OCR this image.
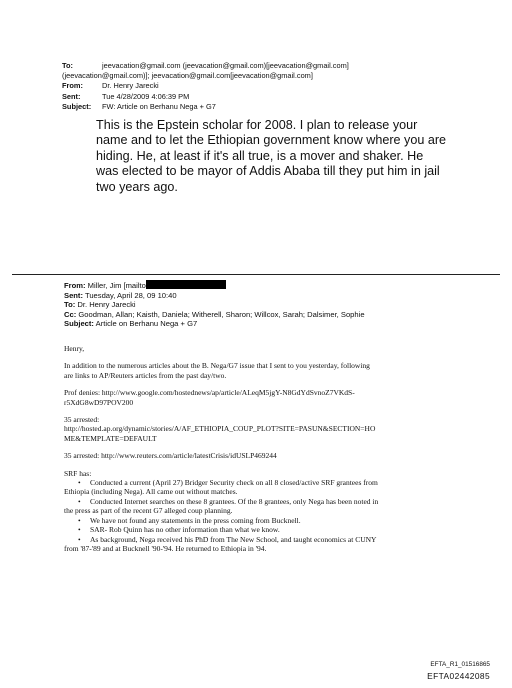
To:	jeevacation@gmail.com (jeevacation@gmail.com)[jeevacation@gmail.com]
(jeevacation@gmail.com)]; jeevacation@gmail.com[jeevacation@gmail.com]
From:	Dr. Henry Jarecki
Sent:	Tue 4/28/2009 4:06:39 PM
Subject:	FW: Article on Berhanu Nega + G7
This is the Epstein scholar for 2008. I plan to release your
name and to let the Ethiopian government know where you are
hiding. He, at least if it's all true, is a mover and shaker. He
was elected to be mayor of Addis Ababa till they put him in jail
two years ago.
From: Miller, Jim [mailto
Sent: Tuesday, April 28, 09 10:40
To: Dr. Henry Jarecki
Cc: Goodman, Allan; Kaisth, Daniela; Witherell, Sharon; Willcox, Sarah; Dalsimer, Sophie
Subject: Article on Berhanu Nega + G7

Henry,

In addition to the numerous articles about the B. Nega/G7 issue that I sent to you yesterday, following
are links to AP/Reuters articles from the past day/two.

Prof denies: http://www.google.com/hostednews/ap/article/ALeqM5jgY-N8GdYdSvnoZ7VKdS-
r5XdG8wD97POV200

35 arrested:
http://hosted.ap.org/dynamic/stories/A/AF_ETHIOPIA_COUP_PLOT?SITE=PASUN&SECTION=HO
ME&TEMPLATE=DEFAULT

35 arrested: http://www.reuters.com/article/latestCrisis/idUSLP469244

SRF has:
• Conducted a current (April 27) Bridger Security check on all 8 closed/active SRF grantees from
Ethiopia (including Nega). All came out without matches.
• Conducted Internet searches on these 8 grantees. Of the 8 grantees, only Nega has been noted in
the press as part of the recent G7 alleged coup planning.
• We have not found any statements in the press coming from Bucknell.
• SAR- Rob Quinn has no other information than what we know.
• As background, Nega received his PhD from The New School, and taught economics at CUNY
from '87-'89 and at Bucknell '90-'94. He returned to Ethiopia in '94.
EFTA_R1_01516865
EFTA02442085
